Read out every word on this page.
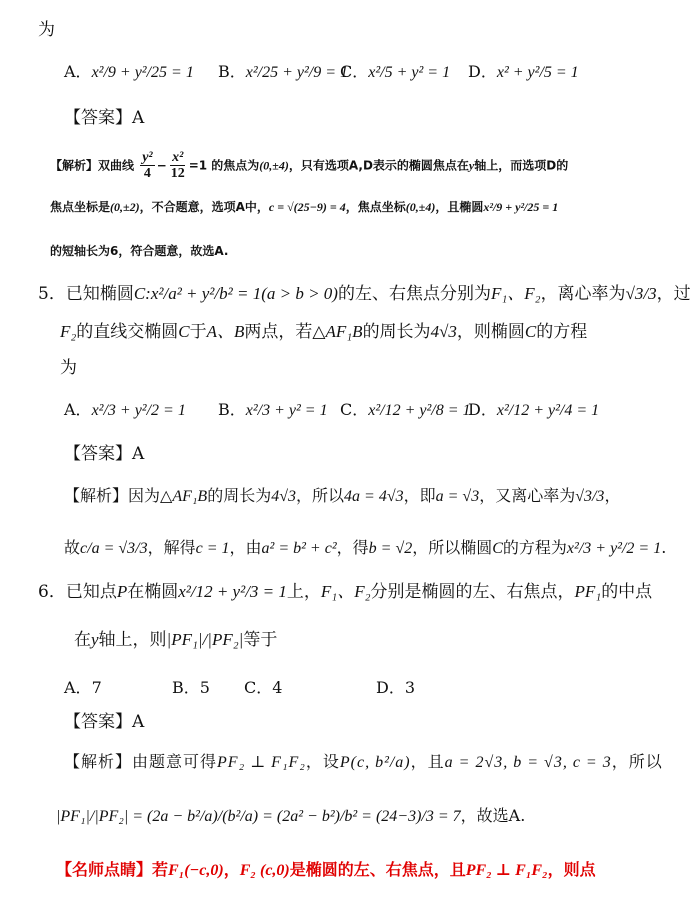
为
A．x²/9 + y²/25 = 1	B．x²/25 + y²/9 = 1
C．x²/5 + y² = 1 D．x² + y²/5 = 1
【答案】A
【解析】双曲线 $\frac{\text{y²}}{4} - \frac{\text{x²}}{12} =1$ 的焦点为(0,±4)，只有选项A,D表示的椭圆焦点在y轴上，而选项D的
焦点坐标是(0,±2)，不合题意，选项A中，c = √(25−9) = 4，焦点坐标(0,±4)，且椭圆x²/9 + y²/25 = 1
的短轴长为6，符合题意，故选A.
5．已知椭圆C:x²/a² + y²/b² = 1(a > b > 0)的左、右焦点分别为F₁、F₂，离心率为√3/3，过
F₂的直线交椭圆C于A、B两点，若△AF₁B的周长为4√3，则椭圆C的方程
为
A．x²/3 + y²/2 = 1 B．x²/3 + y² = 1 C．x²/12 + y²/8 = 1
D．x²/12 + y²/4 = 1
【答案】A
【解析】因为△AF₁B的周长为4√3，所以4a = 4√3，即a = √3，又离心率为√3/3，
故c/a = √3/3，解得c = 1，由a² = b² + c²，得b = √2，所以椭圆C的方程为x²/3 + y²/2 = 1.
6．已知点P在椭圆x²/12 + y²/3 = 1上，F₁、F₂分别是椭圆的左、右焦点，PF₁的中点
在y轴上，则|PF₁|/|PF₂|等于
A．7	B．5 C．4	D．3
【答案】A
【解析】由题意可得PF₂ ⊥ F₁F₂，设P(c, b²/a)，且a = 2√3, b = √3, c = 3，所以
|PF₁|/|PF₂| = (2a − b²/a)/(b²/a) = (2a² − b²)/b² = (24−3)/3 = 7，故选A.
【名师点睛】若F₁(−c,0)，F₂ (c,0)是椭圆的左、右焦点，且PF₂ ⊥ F₁F₂，则点
